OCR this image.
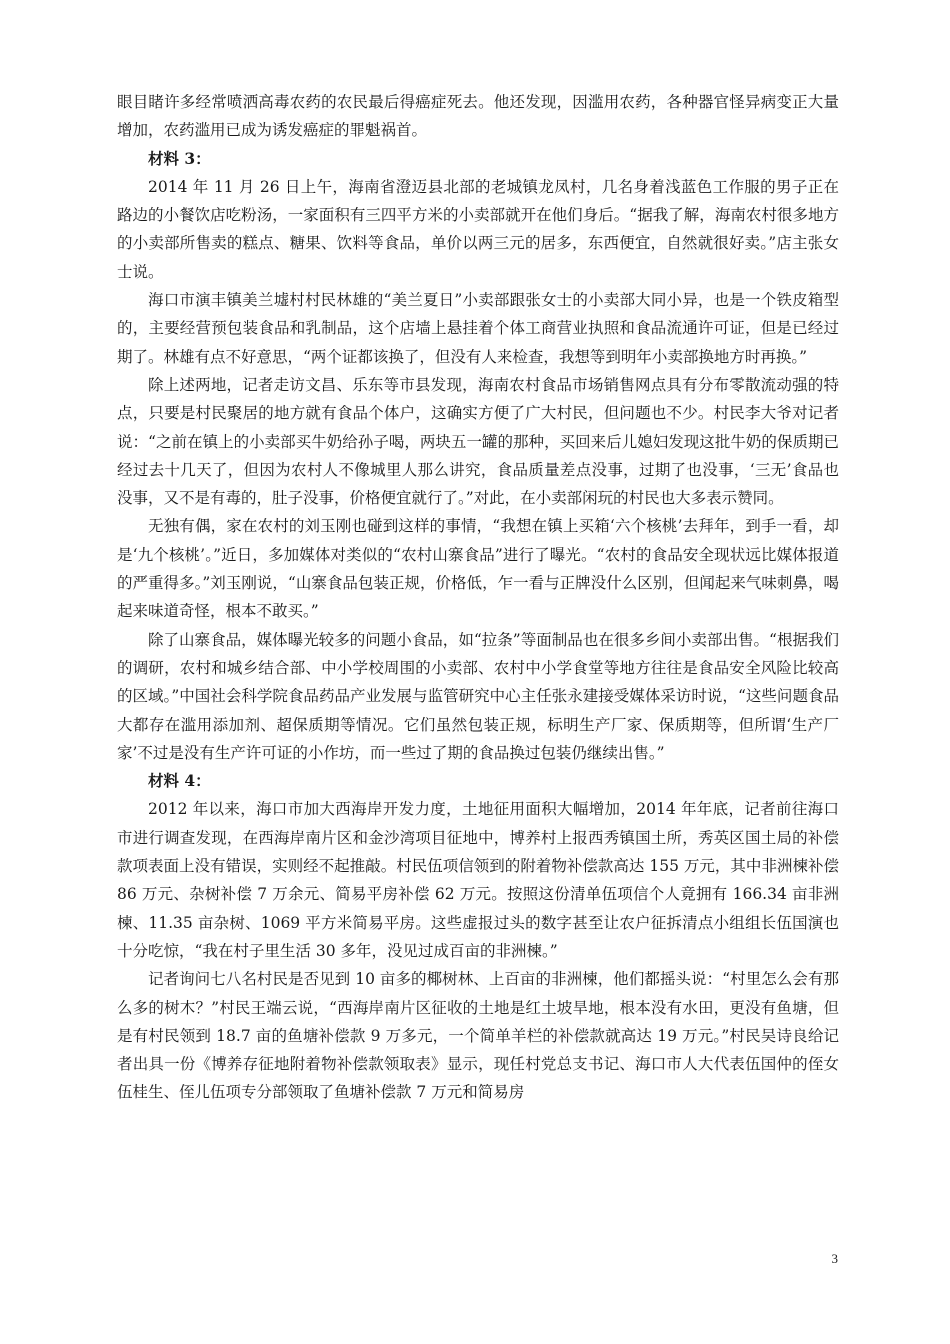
眼目睹许多经常喷洒高毒农药的农民最后得癌症死去。他还发现，因滥用农药，各种器官怪异病变正大量增加，农药滥用已成为诱发癌症的罪魁祸首。

材料 3：

2014 年 11 月 26 日上午，海南省澄迈县北部的老城镇龙凤村，几名身着浅蓝色工作服的男子正在路边的小餐饮店吃粉汤，一家面积有三四平方米的小卖部就开在他们身后。“据我了解，海南农村很多地方的小卖部所售卖的糕点、糖果、饮料等食品，单价以两三元的居多，东西便宜，自然就很好卖。”店主张女士说。

海口市演丰镇美兰墟村村民林雄的“美兰夏日”小卖部跟张女士的小卖部大同小异，也是一个铁皮箱型的，主要经营预包装食品和乳制品，这个店墙上悬挂着个体工商营业执照和食品流通许可证，但是已经过期了。林雄有点不好意思，“两个证都该换了，但没有人来检查，我想等到明年小卖部换地方时再换。”

除上述两地，记者走访文昌、乐东等市县发现，海南农村食品市场销售网点具有分布零散流动强的特点，只要是村民聚居的地方就有食品个体户，这确实方便了广大村民，但问题也不少。村民李大爷对记者说：“之前在镇上的小卖部买牛奶给孙子喝，两块五一罐的那种，买回来后儿媳妇发现这批牛奶的保质期已经过去十几天了，但因为农村人不像城里人那么讲究，食品质量差点没事，过期了也没事，‘三无’食品也没事，又不是有毒的，肚子没事，价格便宜就行了。”对此，在小卖部闲玩的村民也大多表示赞同。

无独有偶，家在农村的刘玉刚也碰到这样的事情，“我想在镇上买箱‘六个核桃’去拜年，到手一看，却是‘九个核桃’。”近日，多加媒体对类似的“农村山寨食品”进行了曝光。“农村的食品安全现状远比媒体报道的严重得多。”刘玉刚说，“山寨食品包装正规，价格低，乍一看与正牌没什么区别，但闻起来气味刺鼻，喝起来味道奇怪，根本不敢买。”

除了山寨食品，媒体曝光较多的问题小食品，如“拉条”等面制品也在很多乡间小卖部出售。“根据我们的调研，农村和城乡结合部、中小学校周围的小卖部、农村中小学食堂等地方往往是食品安全风险比较高的区域。”中国社会科学院食品药品产业发展与监管研究中心主任张永建接受媒体采访时说，“这些问题食品大都存在滥用添加剂、超保质期等情况。它们虽然包装正规，标明生产厂家、保质期等，但所谓‘生产厂家’不过是没有生产许可证的小作坊，而一些过了期的食品换过包装仍继续出售。”

材料 4：

2012 年以来，海口市加大西海岸开发力度，土地征用面积大幅增加，2014 年年底，记者前往海口市进行调查发现，在西海岸南片区和金沙湾项目征地中，博养村上报西秀镇国土所，秀英区国土局的补偿款项表面上没有错误，实则经不起推敲。村民伍项信领到的附着物补偿款高达 155 万元，其中非洲楝补偿 86 万元、杂树补偿 7 万余元、简易平房补偿 62 万元。按照这份清单伍项信个人竟拥有 166.34 亩非洲楝、11.35 亩杂树、1069 平方米简易平房。这些虚报过头的数字甚至让农户征拆清点小组组长伍国演也十分吃惊，“我在村子里生活 30 多年，没见过成百亩的非洲楝。”

记者询问七八名村民是否见到 10 亩多的椰树林、上百亩的非洲楝，他们都摇头说：“村里怎么会有那么多的树木？”村民王端云说，“西海岸南片区征收的土地是红土坡旱地，根本没有水田，更没有鱼塘，但是有村民领到 18.7 亩的鱼塘补偿款 9 万多元，一个简单羊栏的补偿款就高达 19 万元。”村民吴诗良给记者出具一份《博养存征地附着物补偿款领取表》显示，现任村党总支书记、海口市人大代表伍国仲的侄女伍桂生、侄儿伍项专分部领取了鱼塘补偿款 7 万元和简易房

3
